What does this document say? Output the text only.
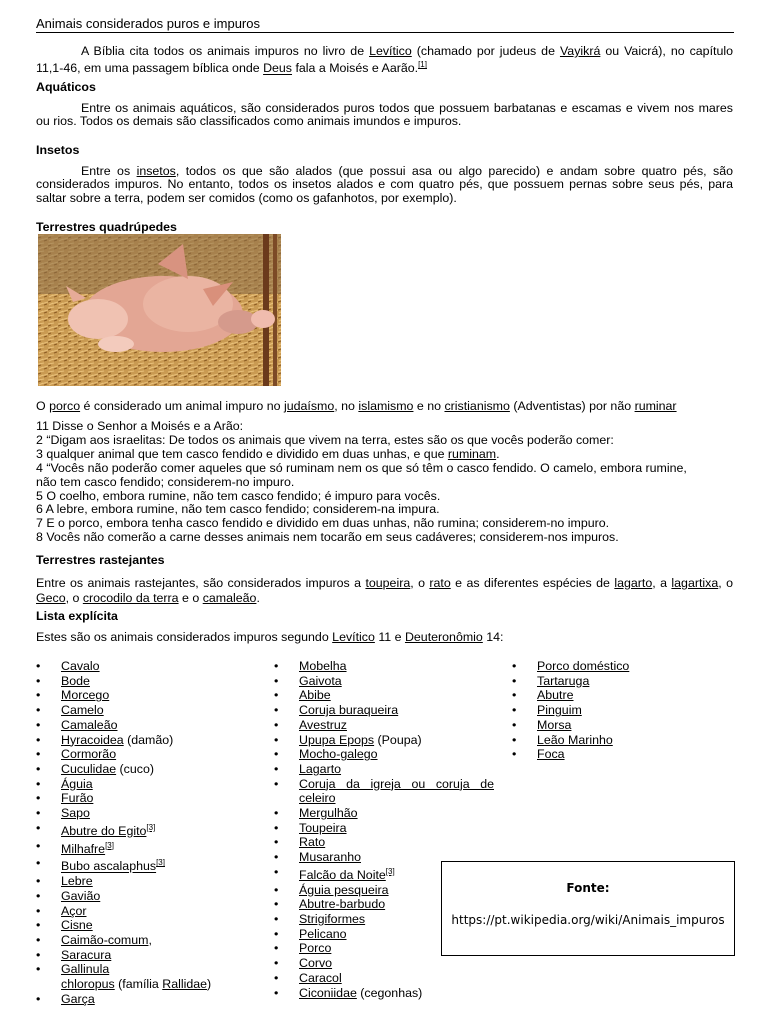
Animais considerados puros e impuros
A Bíblia cita todos os animais impuros no livro de Levítico (chamado por judeus de Vayikrá ou Vaicrá), no capítulo 11,1-46, em uma passagem bíblica onde Deus fala a Moisés e Aarão.[1]
Aquáticos
Entre os animais aquáticos, são considerados puros todos que possuem barbatanas e escamas e vivem nos mares ou rios. Todos os demais são classificados como animais imundos e impuros.
Insetos
Entre os insetos, todos os que são alados (que possui asa ou algo parecido) e andam sobre quatro pés, são considerados impuros. No entanto, todos os insetos alados e com quatro pés, que possuem pernas sobre seus pés, para saltar sobre a terra, podem ser comidos (como os gafanhotos, por exemplo).
Terrestres quadrúpedes
O porco é considerado um animal impuro no judaísmo, no islamismo e no cristianismo (Adventistas) por não ruminar
11 Disse o Senhor a Moisés e a Arão:
2 “Digam aos israelitas: De todos os animais que vivem na terra, estes são os que vocês poderão comer:
3 qualquer animal que tem casco fendido e dividido em duas unhas, e que ruminam.
4 “Vocês não poderão comer aqueles que só ruminam nem os que só têm o casco fendido. O camelo, embora rumine,
não tem casco fendido; considerem-no impuro.
5 O coelho, embora rumine, não tem casco fendido; é impuro para vocês.
6 A lebre, embora rumine, não tem casco fendido; considerem-na impura.
7 E o porco, embora tenha casco fendido e dividido em duas unhas, não rumina; considerem-no impuro.
8 Vocês não comerão a carne desses animais nem tocarão em seus cadáveres; considerem-nos impuros.
Terrestres rastejantes
Entre os animais rastejantes, são considerados impuros a toupeira, o rato e as diferentes espécies de lagarto, a lagartixa, o Geco, o crocodilo da terra e o camaleão.
Lista explícita
Estes são os animais considerados impuros segundo Levítico 11 e Deuteronômio 14:
• Cavalo
• Bode
• Morcego
• Camelo
• Camaleão
• Hyracoidea (damão)
• Cormorão
• Cuculidae (cuco)
• Águia
• Furão
• Sapo
• Abutre do Egito[3]
• Milhafre[3]
• Bubo ascalaphus[3]
• Lebre
• Gavião
• Açor
• Cisne
• Caimão-comum,
• Saracura
• Gallinula
chloropus (família Rallidae)
• Garça
• Mobelha
• Gaivota
• Abibe
• Coruja buraqueira
• Avestruz
• Upupa Epops (Poupa)
• Mocho-galego
• Lagarto
• Coruja da igreja ou coruja de celeiro
• Mergulhão
• Toupeira
• Rato
• Musaranho
• Falcão da Noite[3]
• Águia pesqueira
• Abutre-barbudo
• Strigiformes
• Pelicano
• Porco
• Corvo
• Caracol
• Ciconiidae (cegonhas)
• Porco doméstico
• Tartaruga
• Abutre
• Pinguim
• Morsa
• Leão Marinho
• Foca
Fonte:
https://pt.wikipedia.org/wiki/Animais_impuros
